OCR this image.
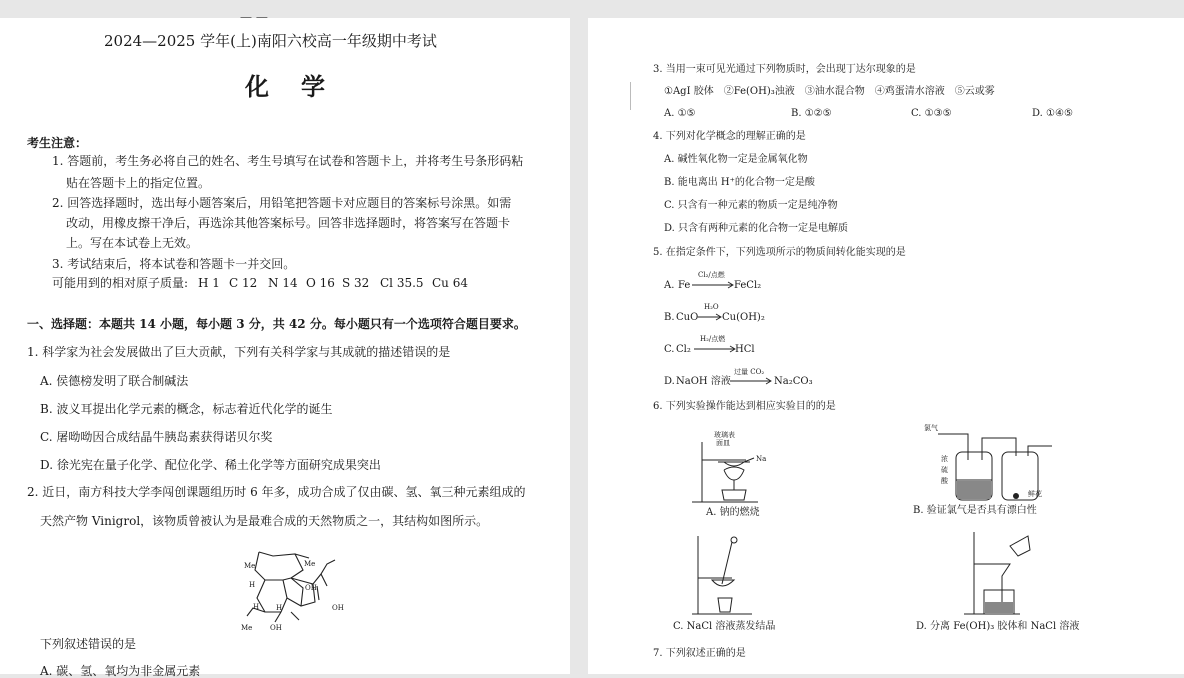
— —
2024—2025 学年(上)南阳六校高一年级期中考试
化　学
考生注意：
1. 答题前，考生务必将自己的姓名、考生号填写在试卷和答题卡上，并将考生号条形码粘
贴在答题卡上的指定位置。
2. 回答选择题时，选出每小题答案后，用铅笔把答题卡对应题目的答案标号涂黑。如需
改动，用橡皮擦干净后，再选涂其他答案标号。回答非选择题时，将答案写在答题卡
上。写在本试卷上无效。
3. 考试结束后，将本试卷和答题卡一并交回。
可能用到的相对原子质量: H 1 C 12 N 14 O 16 S 32 Cl 35.5 Cu 64
一、选择题：本题共 14 小题，每小题 3 分，共 42 分。每小题只有一个选项符合题目要求。
1. 科学家为社会发展做出了巨大贡献，下列有关科学家与其成就的描述错误的是
A. 侯德榜发明了联合制碱法
B. 波义耳提出化学元素的概念，标志着近代化学的诞生
C. 屠呦呦因合成结晶牛胰岛素获得诺贝尔奖
D. 徐光宪在量子化学、配位化学、稀土化学等方面研究成果突出
2. 近日，南方科技大学李闯创课题组历时 6 年多，成功合成了仅由碳、氢、氧三种元素组成的
天然产物 Vinigrol，该物质曾被认为是最难合成的天然物质之一，其结构如图所示。
Me	Me
Me
H
H
H
OH
OH
OH
下列叙述错误的是
A. 碳、氢、氧均为非金属元素
3. 当用一束可见光通过下列物质时，会出现丁达尔现象的是
①AgI 胶体　②Fe(OH)₃浊液　③油水混合物　④鸡蛋清水溶液　⑤云或雾
A. ①⑤	B. ①②⑤	C. ①③⑤	D. ①④⑤
4. 下列对化学概念的理解正确的是
A. 碱性氧化物一定是金属氧化物
B. 能电离出 H⁺的化合物一定是酸
C. 只含有一种元素的物质一定是纯净物
D. 只含有两种元素的化合物一定是电解质
5. 在指定条件下，下列选项所示的物质间转化能实现的是
A. Fe
Cl₂/点燃
FeCl₂
B. CuO
H₂O
→ Cu(OH)₂
C. Cl₂
H₂/点燃
HCl
D. NaOH 溶液
过量 CO₂
→ Na₂CO₃
6. 下列实验操作能达到相应实验目的的是
玻璃表
面皿
Na
A. 钠的燃烧
氯气
浓
硫
酸
鲜花
B. 验证氯气是否具有漂白性
C. NaCl 溶液蒸发结晶	D. 分离 Fe(OH)₃ 胶体和 NaCl 溶液
7. 下列叙述正确的是
